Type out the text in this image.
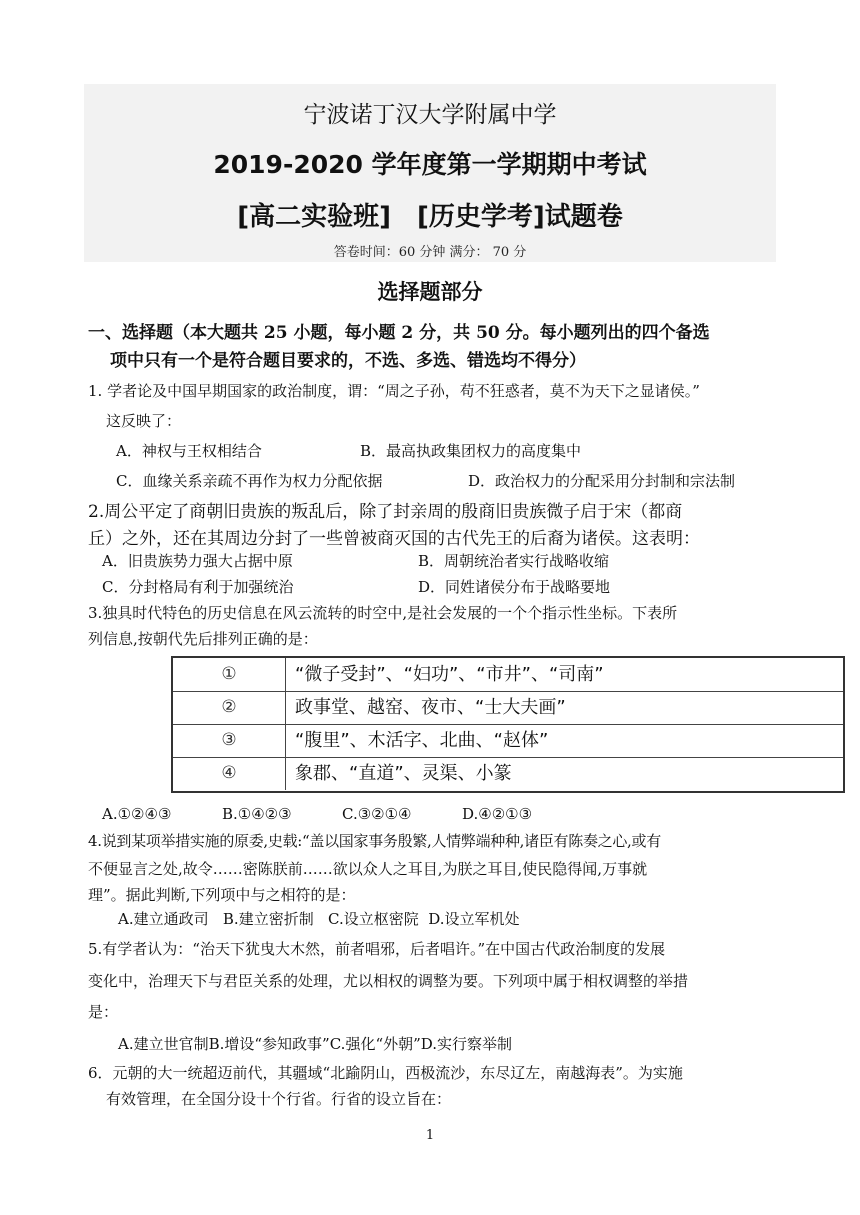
宁波诺丁汉大学附属中学
2019-2020 学年度第一学期期中考试
[高二实验班]　[历史学考]试题卷
答卷时间：60 分钟 满分： 70 分
选择题部分
一、选择题（本大题共 25 小题，每小题 2 分，共 50 分。每小题列出的四个备选
项中只有一个是符合题目要求的，不选、多选、错选均不得分）
1. 学者论及中国早期国家的政治制度，谓：“周之子孙，苟不狂惑者，莫不为天下之显诸侯。”
这反映了：
A．神权与王权相结合	B．最高执政集团权力的高度集中
C．血缘关系亲疏不再作为权力分配依据	D．政治权力的分配采用分封制和宗法制
2.周公平定了商朝旧贵族的叛乱后，除了封亲周的殷商旧贵族微子启于宋（都商
丘）之外，还在其周边分封了一些曾被商灭国的古代先王的后裔为诸侯。这表明：
A．旧贵族势力强大占据中原	B．周朝统治者实行战略收缩
C．分封格局有利于加强统治	D．同姓诸侯分布于战略要地
3.独具时代特色的历史信息在风云流转的时空中,是社会发展的一个个指示性坐标。下表所
列信息,按朝代先后排列正确的是：
①	“微子受封”、“妇功”、“市井”、“司南”
②	政事堂、越窑、夜市、“士大夫画”
③	“腹里”、木活字、北曲、“赵体”
④	象郡、“直道”、灵渠、小篆
A.①②④③	B.①④②③	C.③②①④	D.④②①③
4.说到某项举措实施的原委,史载:“盖以国家事务殷繁,人情弊端种种,诸臣有陈奏之心,或有
不便显言之处,故令……密陈朕前……欲以众人之耳目,为朕之耳目,使民隐得闻,万事就
理”。据此判断,下列项中与之相符的是：
A.建立通政司   B.建立密折制   C.设立枢密院  D.设立军机处
5.有学者认为：“治天下犹曳大木然，前者唱邪，后者唱许。”在中国古代政治制度的发展
变化中，治理天下与君臣关系的处理，尤以相权的调整为要。下列项中属于相权调整的举措
是：
A.建立世官制B.增设“参知政事”C.强化“外朝”D.实行察举制
6．元朝的大一统超迈前代，其疆域“北踰阴山，西极流沙，东尽辽左，南越海表”。为实施
有效管理，在全国分设十个行省。行省的设立旨在：
1
